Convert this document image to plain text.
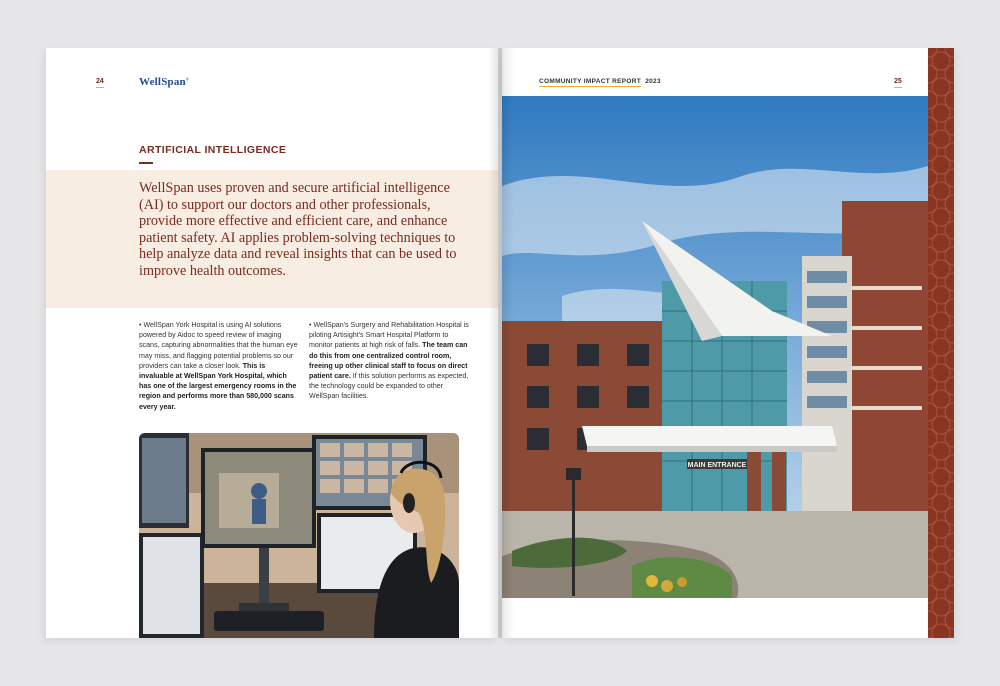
24	WellSpan®
ARTIFICIAL INTELLIGENCE

WellSpan uses proven and secure artificial intelligence (AI) to support our doctors and other professionals, provide more effective and efficient care, and enhance patient safety. AI applies problem-solving techniques to help analyze data and reveal insights that can be used to improve health outcomes.

• WellSpan York Hospital is using AI solutions powered by Aidoc to speed review of imaging scans, capturing abnormalities that the human eye may miss, and flagging potential problems so our providers can take a closer look. This is invaluable at WellSpan York Hospital, which has one of the largest emergency rooms in the region and performs more than 580,000 scans every year.

• WellSpan's Surgery and Rehabilitation Hospital is piloting Artisight's Smart Hospital Platform to monitor patients at high risk of falls. The team can do this from one centralized control room, freeing up other clinical staff to focus on direct patient care. If this solution performs as expected, the technology could be expanded to other WellSpan facilities.

COMMUNITY IMPACT REPORT 2023	25
MAIN ENTRANCE
